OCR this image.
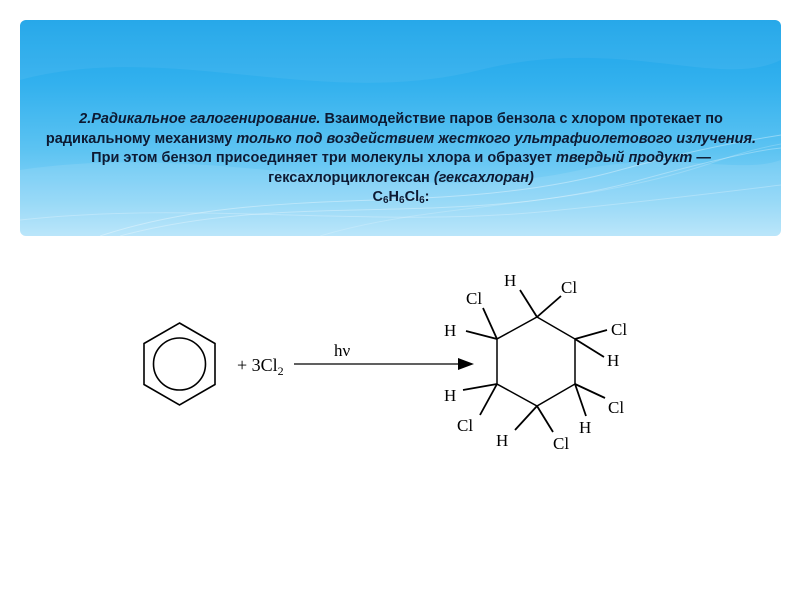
2.Радикальное галогенирование. Взаимодействие паров бензола с хлором протекает по радикальному механизму только под воздействием жесткого ультрафиолетового излучения. При этом бензол присоединяет три молекулы хлора и образует твердый продукт — гексахлорциклогексан (гексахлоран)
$C_6H_6Cl_6$:
+ $3Cl_2$
hν
H	Cl
Cl
H	Cl
H
H
Cl
Cl
H	Cl
H
